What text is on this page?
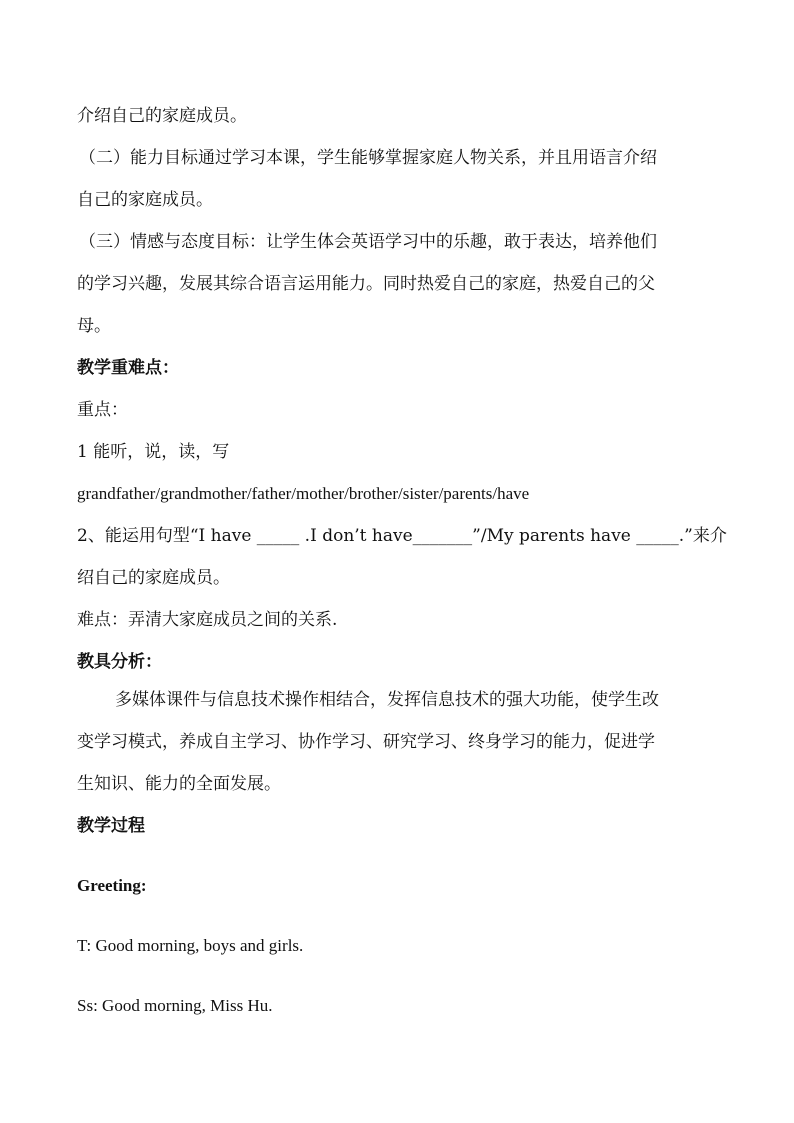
介绍自己的家庭成员。
（二）能力目标通过学习本课，学生能够掌握家庭人物关系，并且用语言介绍
自己的家庭成员。
（三）情感与态度目标：让学生体会英语学习中的乐趣，敢于表达，培养他们
的学习兴趣，发展其综合语言运用能力。同时热爱自己的家庭，热爱自己的父
母。
教学重难点：
重点：
1 能听，说，读，写
grandfather/grandmother/father/mother/brother/sister/parents/have
2、能运用句型“I have _____ .I don’t have_______”/My parents have _____.”来介
绍自己的家庭成员。
难点：弄清大家庭成员之间的关系.
教具分析：
多媒体课件与信息技术操作相结合，发挥信息技术的强大功能，使学生改
变学习模式，养成自主学习、协作学习、研究学习、终身学习的能力，促进学
生知识、能力的全面发展。
教学过程
Greeting:
T: Good morning, boys and girls.
Ss: Good morning, Miss Hu.
